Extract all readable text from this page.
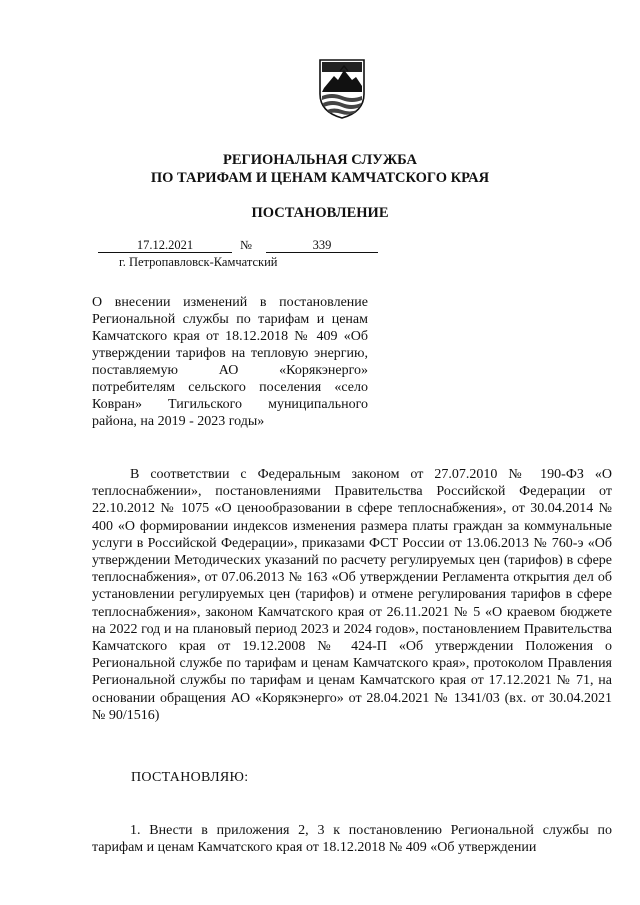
РЕГИОНАЛЬНАЯ СЛУЖБА
ПО ТАРИФАМ И ЦЕНАМ КАМЧАТСКОГО КРАЯ
ПОСТАНОВЛЕНИЕ
17.12.2021	№	339
г. Петропавловск-Камчатский
О внесении изменений в постановление Региональной службы по тарифам и ценам Камчатского края от 18.12.2018 № 409 «Об утверждении тарифов на тепловую энергию, поставляемую АО «Корякэнерго» потребителям сельского поселения «село Ковран» Тигильского муниципального района, на 2019 - 2023 годы»
В соответствии с Федеральным законом от 27.07.2010 № 190-ФЗ «О теплоснабжении», постановлениями Правительства Российской Федерации от 22.10.2012 № 1075 «О ценообразовании в сфере теплоснабжения», от 30.04.2014 № 400 «О формировании индексов изменения размера платы граждан за коммунальные услуги в Российской Федерации», приказами ФСТ России от 13.06.2013 № 760-э «Об утверждении Методических указаний по расчету регулируемых цен (тарифов) в сфере теплоснабжения», от 07.06.2013 № 163 «Об утверждении Регламента открытия дел об установлении регулируемых цен (тарифов) и отмене регулирования тарифов в сфере теплоснабжения», законом Камчатского края от 26.11.2021 № 5 «О краевом бюджете на 2022 год и на плановый период 2023 и 2024 годов», постановлением Правительства Камчатского края от 19.12.2008 № 424-П «Об утверждении Положения о Региональной службе по тарифам и ценам Камчатского края», протоколом Правления Региональной службы по тарифам и ценам Камчатского края от 17.12.2021 № 71, на основании обращения АО «Корякэнерго» от 28.04.2021 № 1341/03 (вх. от 30.04.2021 № 90/1516)
ПОСТАНОВЛЯЮ:
1. Внести в приложения 2, 3 к постановлению Региональной службы по тарифам и ценам Камчатского края от 18.12.2018 № 409 «Об утверждении
